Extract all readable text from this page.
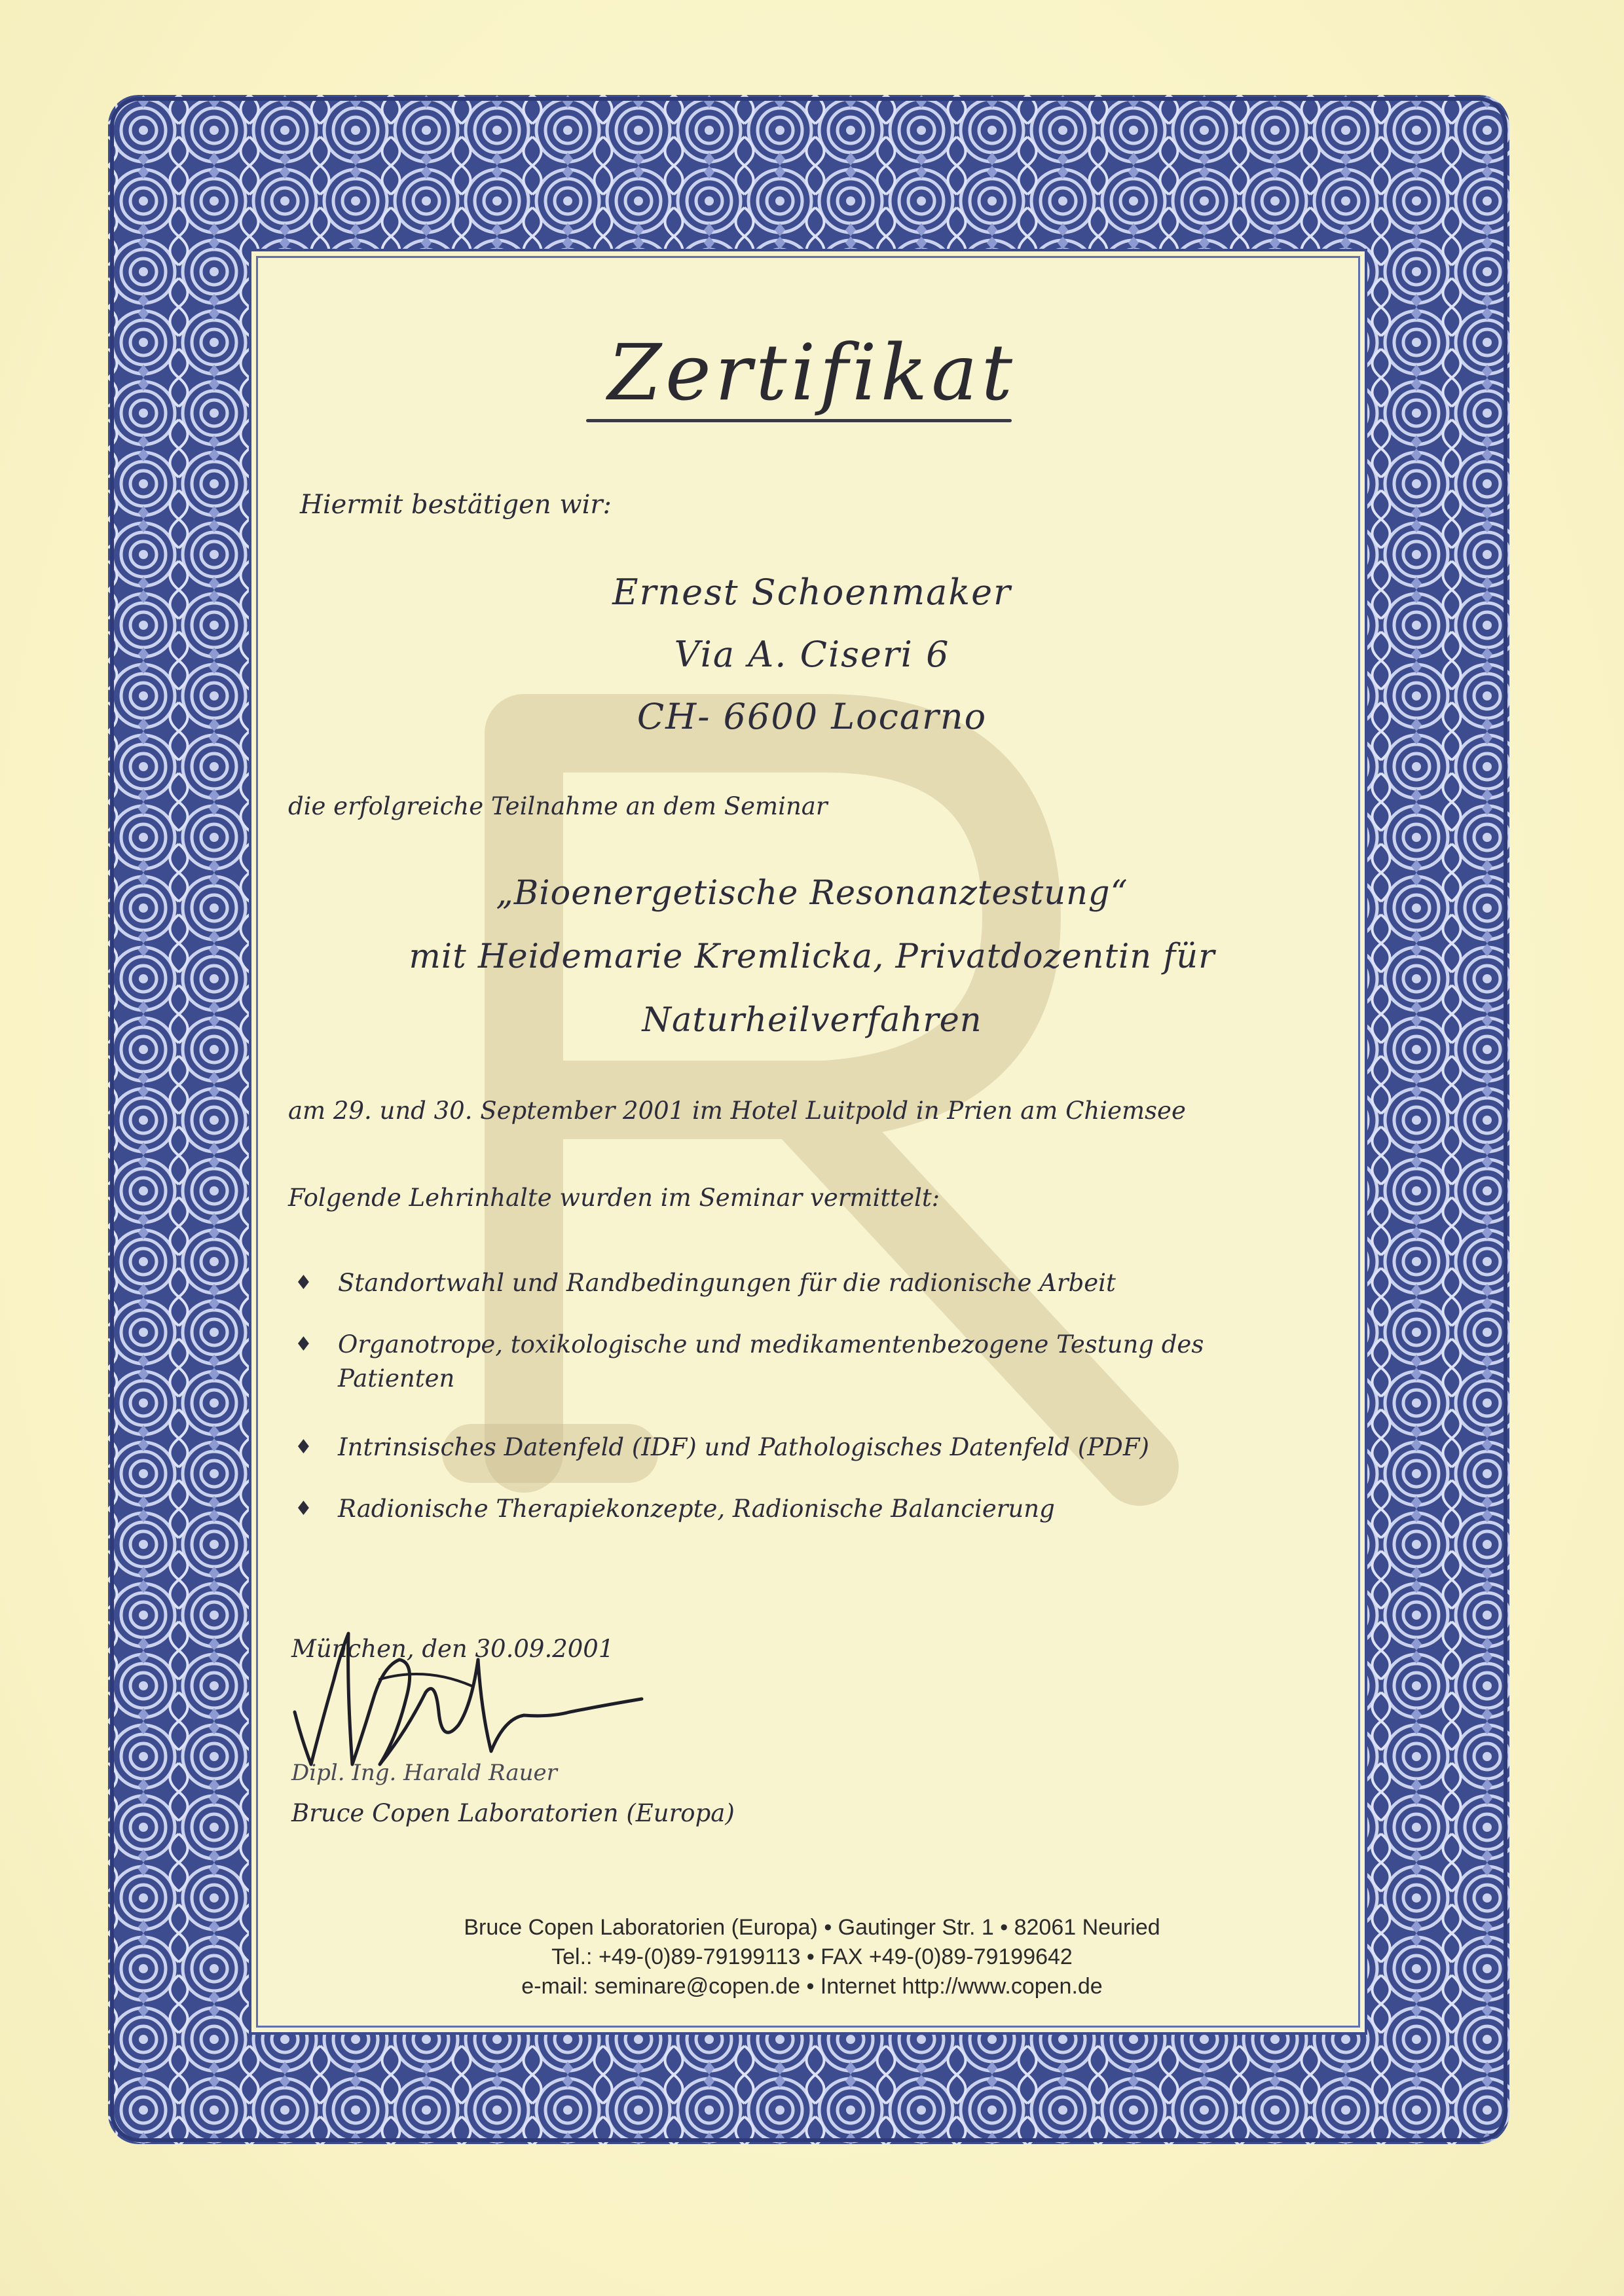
Zertifikat
Hiermit bestätigen wir:
Ernest Schoenmaker
Via A. Ciseri 6
CH- 6600 Locarno
die erfolgreiche Teilnahme an dem Seminar
„Bioenergetische Resonanztestung“
mit Heidemarie Kremlicka, Privatdozentin für
Naturheilverfahren
am 29. und 30. September 2001 im Hotel Luitpold in Prien am Chiemsee
Folgende Lehrinhalte wurden im Seminar vermittelt:
♦	Standortwahl und Randbedingungen für die radionische Arbeit
♦	Organotrope, toxikologische und medikamentenbezogene Testung des Patienten
♦	Intrinsisches Datenfeld (IDF) und Pathologisches Datenfeld (PDF)
♦	Radionische Therapiekonzepte, Radionische Balancierung
München, den 30.09.2001
Dipl. Ing. Harald Rauer
Bruce Copen Laboratorien (Europa)
Bruce Copen Laboratorien (Europa) • Gautinger Str. 1 • 82061 Neuried
Tel.: +49-(0)89-79199113 • FAX +49-(0)89-79199642
e-mail: seminare@copen.de • Internet http://www.copen.de
